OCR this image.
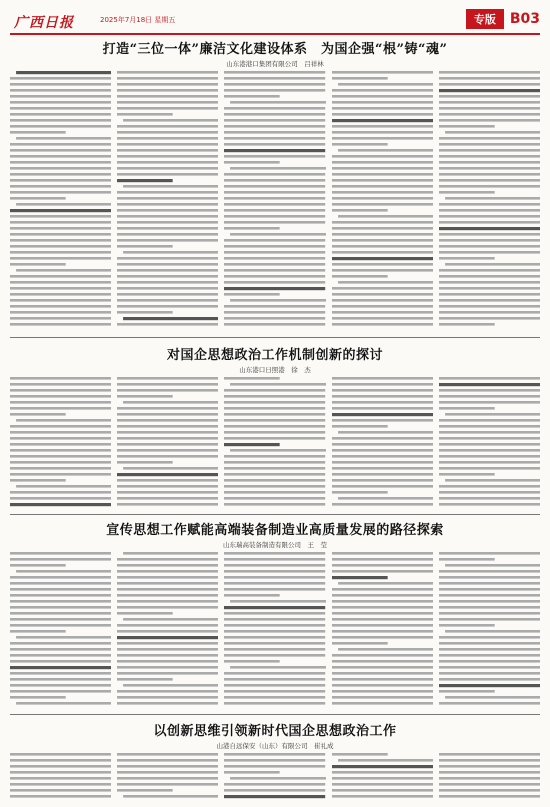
广西日报	2025年7月18日 星期五	专版	B03
打造“三位一体”廉洁文化建设体系　为国企强“根”铸“魂”
山东港港口集团有限公司　吕祥林
对国企思想政治工作机制创新的探讨
山东港口日照港　徐　杰
宣传思想工作赋能高端装备制造业高质量发展的路径探索
山东瑞高装备制造有限公司　王　莹
以创新思维引领新时代国企思想政治工作
山港自远保安（山东）有限公司　崔礼成
